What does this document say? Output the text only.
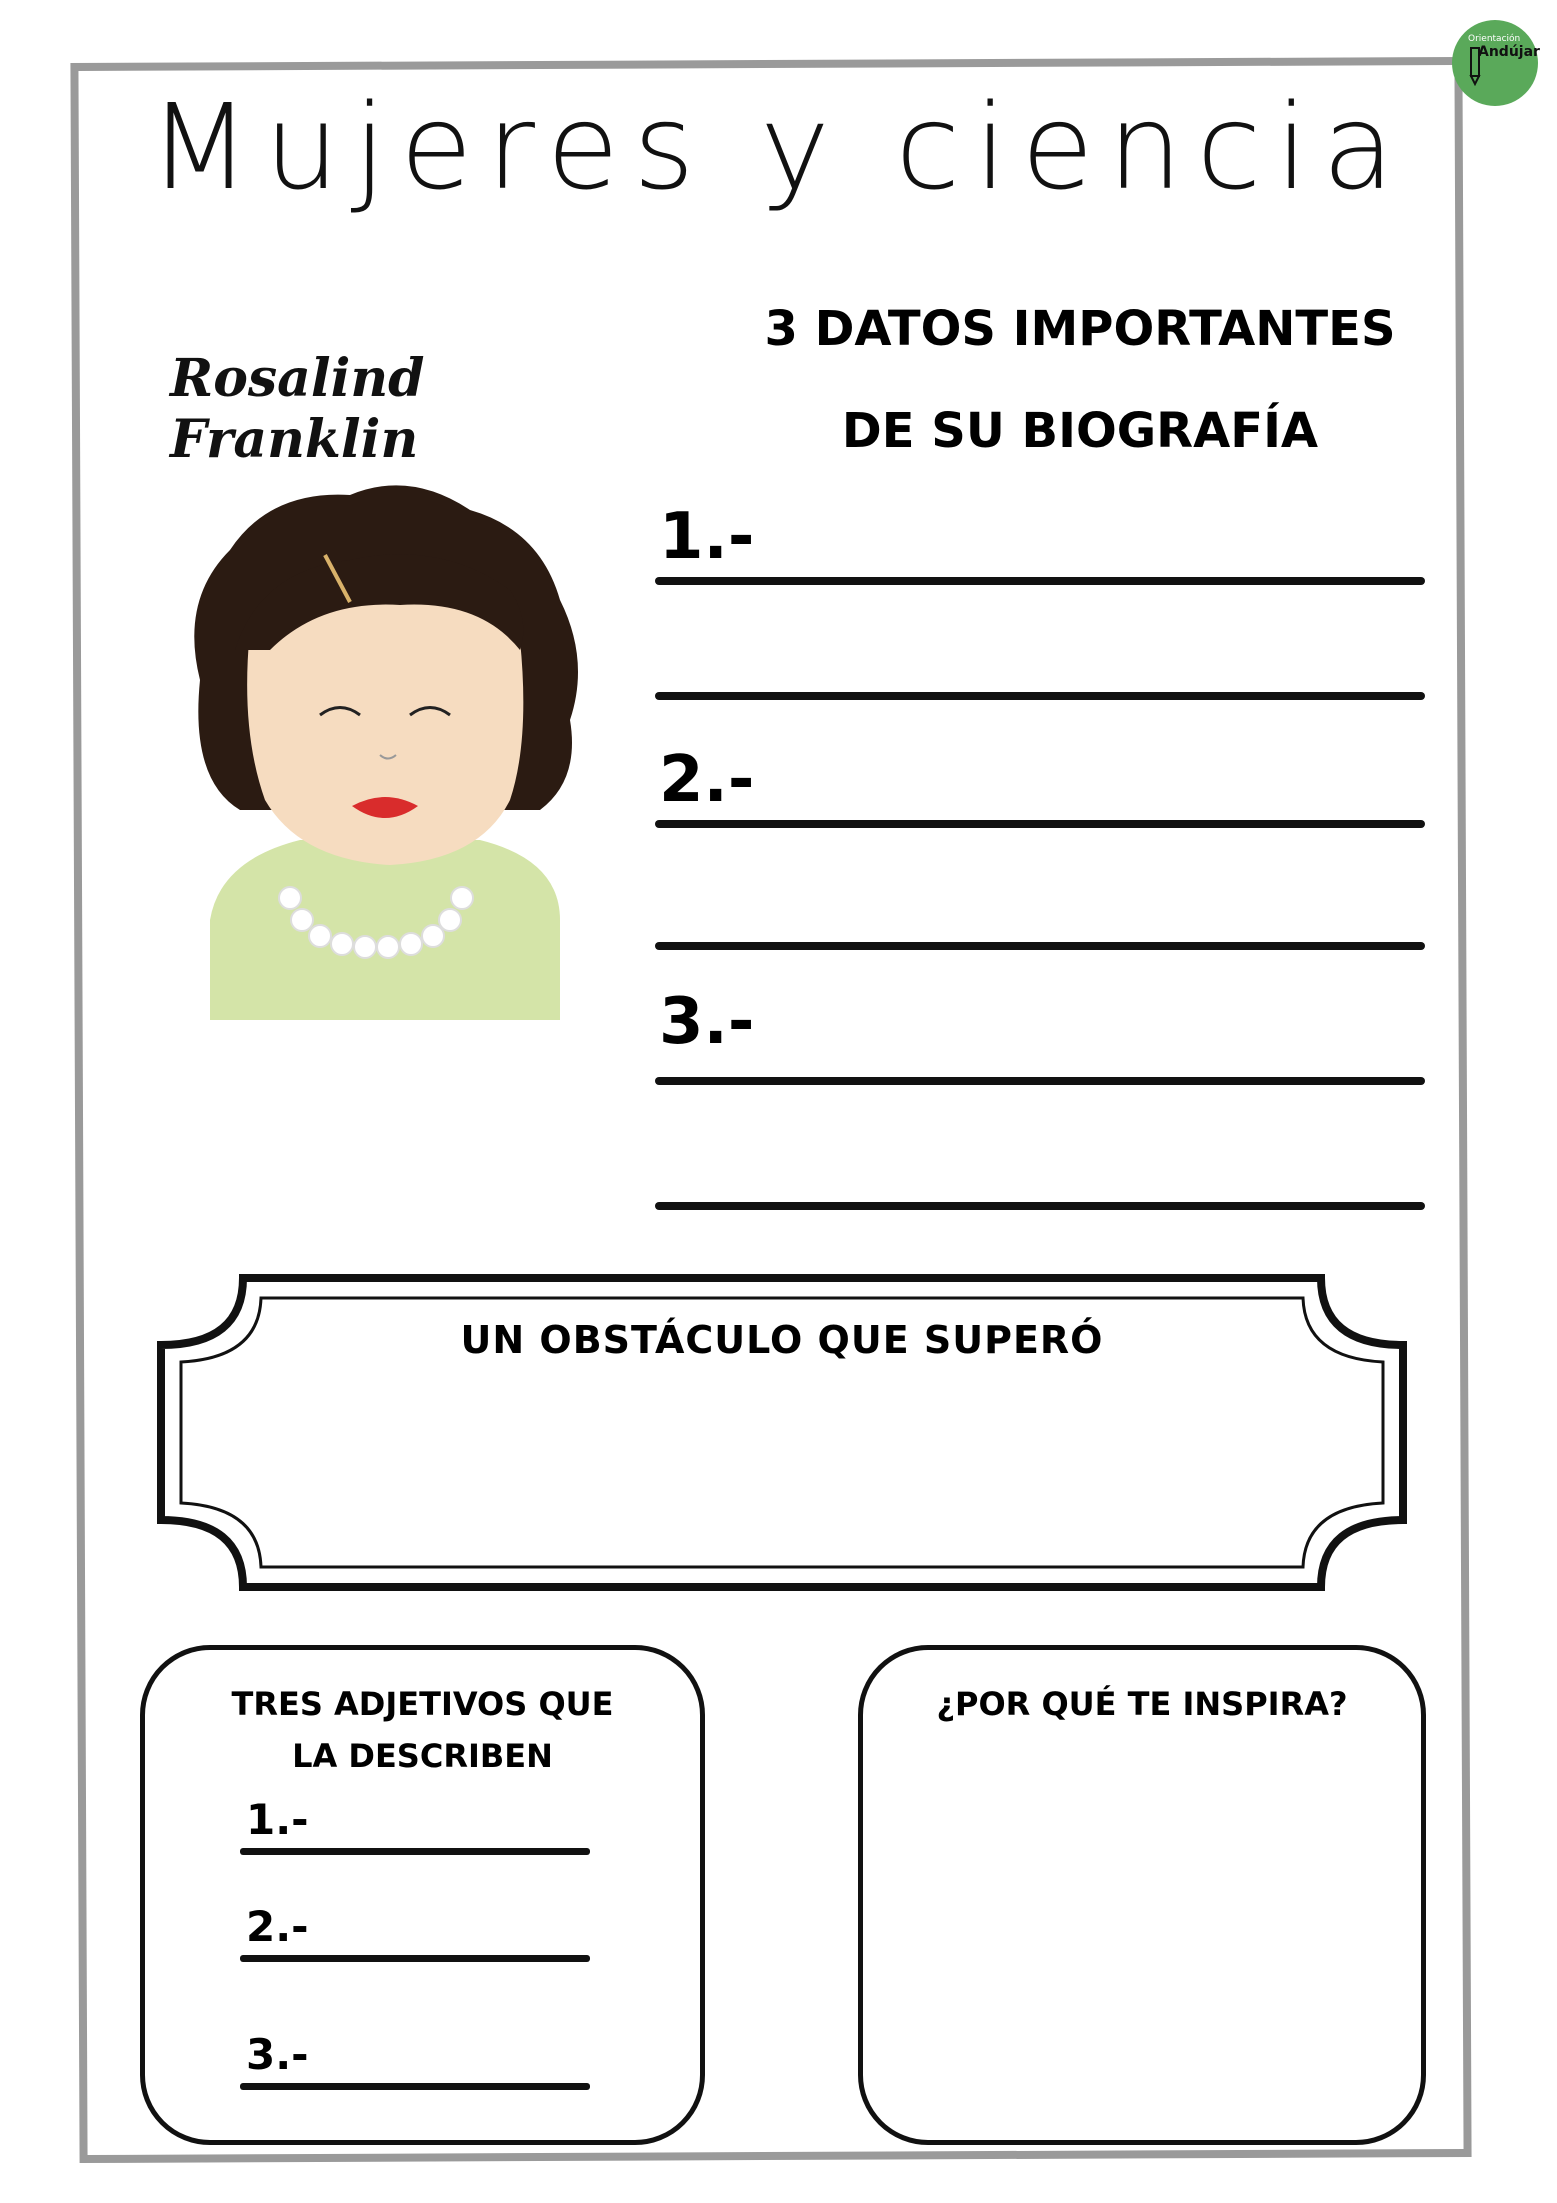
Orientación
Andújar
Mujeres y ciencia
Rosalind Franklin
3 DATOS IMPORTANTES
DE SU BIOGRAFÍA
1.-
2.-
3.-
UN OBSTÁCULO QUE SUPERÓ
TRES ADJETIVOS QUE
LA DESCRIBEN
1.-
2.-
3.-
¿POR QUÉ TE INSPIRA?
